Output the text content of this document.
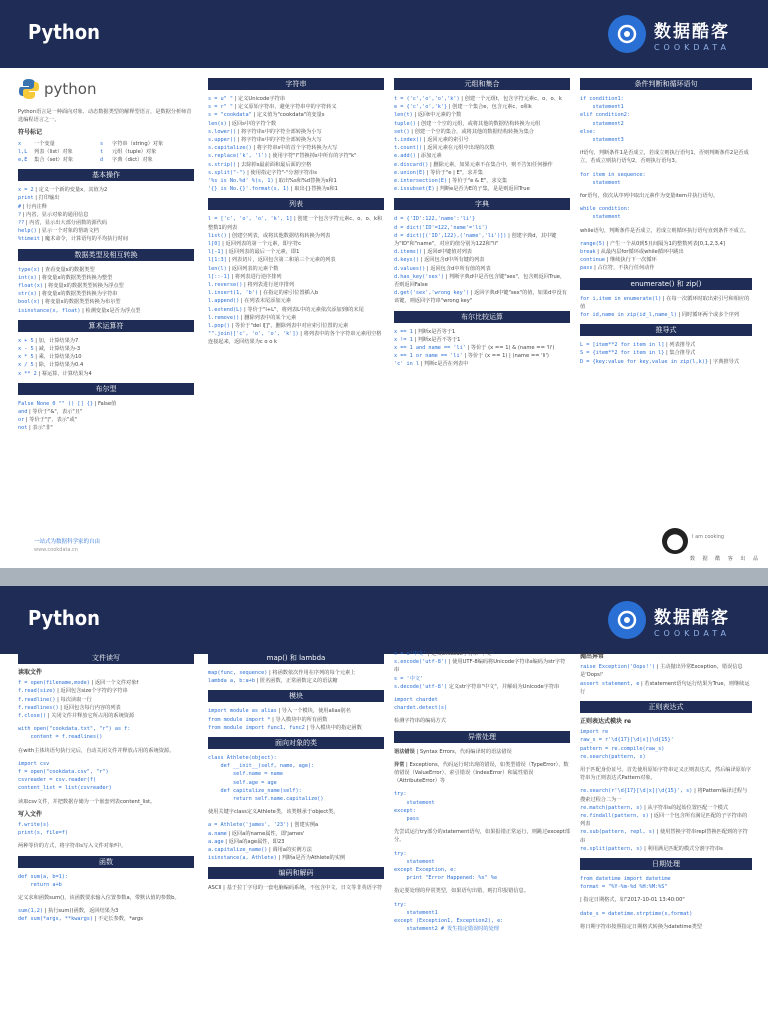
Python	数据酷客
COOKDATA
python
Python语言是一种面向对象、动态数据类型的解释型语言，是数据分析师首选编程语言之一。
符号标记
x	一个变量	s	字符串（string）对象
l,L	列表（list）对象	t	元组（tuple）对象
e,E	集合（set）对象	d	字典（dict）对象
基本操作
x = 2 | 定义一个新的变量x，其值为2
print | 打印输出
# | 行内注释
? | 内省，显示对象的通用信息
?? | 内省，显示出大部分函数的源代码
help() | 显示一个对象的帮助文档
%timeit | 魔术命令，计算语句的平均执行时间
数据类型及相互转换
type(x) | 查看变量x的数据类型
int(x) | 将变量x的数据类型转换为整型
float(x) | 将变量x的数据类型转换为浮点型
str(x) | 将变量x的数据类型转换为字符串
bool(x) | 将变量x的数据类型转换为布尔型
isinstance(x, float) | 检测变量x是否为浮点型
算术运算符
x + 5 | 加，计算结果为7
x - 5 | 减，计算结果为-3
x * 5 | 乘，计算结果为10
x / 5 | 除，计算结果为0.4
x ** 2 | 幂运算，计算结果为4
布尔型
False None 0 "" () [] {} | False值
and | 等价于"&"，表示"且"
or | 等价于"|"，表示"或"
not | 表示"非"
字符串
s = u" " | 定义Unicode字符串
s = r" " | 定义原始字符串，避免字符串中的字符转义
s = "cookdata" | 定义值为"cookdata"的变量s
len(s) | 返回s中的字符个数
s.lower() | 将字符串s中的字符全部转换为小写
s.upper() | 将字符串s中的字符全部转换为大写
s.capitalize() | 将字符串s中的首个字符转换为大写
s.replace('k', 'l') | 使用字符"l"替换掉s中所有的字符"k"
s.strip() | 去除掉s最前面和最后面的空格
s.split("-") | 使用指定字符"-"分割字符串s
'%s is No.%d' %(s, 1) | 取出%s和%d替换为s和1
'{} is No.{}'.format(s, 1) | 取出{}替换为s和1
列表
l = ['c', 'o', 'o', 'k', 1] | 创建一个包含字符元素c、o、o、k和整数1的列表
list() | 创建空列表，或将其他数据结构转换为列表
l[0] | 返回列表的第一个元素，即字符c
l[-1] | 返回列表的最后一个元素，即1
l[1:3] | 列表切片，返回包含第二和第三个元素的列表
len(l) | 返回列表的元素个数
l[::-1] | 将列表进行逆序排列
l.reverse() | 将列表进行逆序排列
l.insert(1, 'b') | 在指定的索引位置插入b
l.append() | 在列表末尾添加元素
l.extend(L) | 等价于"l+L"，将列表L中的元素依次添加到l的末尾
l.remove() | 删除列表中的某个元素
l.pop() | 等价于"del l[]"，删除列表中对应索引位置的元素
"".join(['c', 'o', 'o', 'k']) | 将列表中的各个字符串元素用空格连接起来，返回结果为c o o k
元组和集合
t = ('c','o','o','k') | 创建一个元组t，包含字符元素c、o、o、k
e = {'c','o','k'} | 创建一个集合e，包含元素c、o和k
len(t) | 返回t中元素的个数
tuple() | 创建一个空的元组，或将其他的数据结构转换为元组
set() | 创建一个空的集合，或将其他的数据结构转换为集合
t.index() | 返回元素的索引号
t.count() | 返回元素在元组中出现的次数
e.add() | 添加元素
e.discard() | 删除元素，如果元素不在集合中，则不告知任何操作
e.union(E) | 等价于"e | E"，求并集
e.intersection(E) | 等价于"e & E"，求交集
e.issubset(E) | 判断e是否为E的子集，是是则返回True
字典
d = {'ID':122,'name':'li'}
d = dict('ID'=122,'name'='li')
d = dict([('ID',122),('name','li')]) | 创建字典d，其中键为"ID"和"name"，对应的值分别为122和"li"
d.items() | 返回d中键值对列表
d.keys() | 返回包含d中所有键的列表
d.values() | 返回包含d中所有值的列表
d.has_key('sex') | 判断字典d中是否包含键"sex"，包含则返回True，否则返回False
d.get('sex','wrong key') | 返回字典d中键"sex"的值，如果d中没有该键，则返回字符串"wrong key"
布尔比较运算
x == 1 | 判断x是否等于1
x != 1 | 判断x是否不等于1
x == 1 and name == 'li' | 等价于 (x == 1) & (name == 'li')
x == 1 or name == 'li' | 等价于 (x == 1) | (name == 'li')
'c' in l | 判断c是否在列表中
条件判断和循环语句
if condition1:
statement1
elif condition2:
statement2
else:
statement3
if语句，判断条件1是否成立，若成立则执行语句1，否则判断条件2是否成立，若成立则执行语句2，否则执行语句3。
for item in sequence:
statement
for语句，依次从序列中取出元素作为变量item并执行语句。
while condition:
statement
while语句，判断条件是否成立，若成立则循环执行语句直到条件不成立。
range(5) | 产生一个从0到5且间隔为1的整数列表[0,1,2,3,4]
break | 从最内层for循环或while循环中跳出
continue | 继续执行下一次循环
pass | 占位符，不执行任何动作
enumerate() 和 zip()
for i,item in enumerate(l) | 在每一次循环时取出索引号和相应的值
for id,name in zip(id_l,name_l) | 同时循环两个或多个序列
推导式
L = [item**2 for item in l] | 列表推导式
S = {item**2 for item in l} | 集合推导式
D = {key:value for key,value in zip(l,k)} | 字典推导式
一站式为数据科学家的自由
www.cookdata.cn
I am cooking
数 据 酷 客 出 品
Python	数据酷客
COOKDATA
文件读写
读取文件
f = open(filename,mode) | 返回一个文件对象f
f.read(size) | 返回包含size个字符的字符串
f.readline() | 每次读取一行
f.readlines() | 返回包含每行内容的列表
f.close() | 关闭文件并释放它所占用的系统资源
with open("cookdata.txt", "r") as f:
content = f.readlines()
在with主体块语句执行完后，自动关闭文件并释放占用的系统资源。
import csv
f = open("cookdata.csv", "r")
csvreader = csv.reader(f)
content_list = list(csvreader)
读取csv文件，并把数据存储为一个嵌套列表content_list。
写入文件
f.write(s)
print(s, file=f)
两种等价的方式，将字符串s写入文件对象f中。
函数
def sum(a, b=1):
return a+b
定义求和函数sum()，该函数要求输入位置参数a，带默认值的参数b。
sum(1,2) | 执行sum()函数，返回结果为3
def sum(*args, **kwargs) | 不定长参数，*args
map() 和 lambda
map(func, sequence) | 将函数依次作用在序列的每个元素上
lambda a, b:a+b | 匿名函数，正常函数定义的语法糖
模块
import module as alias | 导入一个模块，使用alias别名
from module import * | 导入模块中的所有函数
from module import func1, func2 | 导入模块中的指定函数
面向对象的类
class Athlete(object):
def __init__(self, name, age):
self.name = name
self.age = age
def capitalize_name(self):
return self.name.capitalize()
使用关键字class定义Athlete类，该类继承于object类。
a = Athlete('james', '23') | 创建实例a
a.name | 返回a的name属性，即'james'
a.age | 返回a的age属性，即23
a.capitalize_name() | 调用a的实例方法
isinstance(a, Athlete) | 判断a是否为Athlete的实例
编码和解码
ASCII | 基于拉丁字母的一套电脑编码系统，不包含中文、日文等非英语字符
s = u'中文' | 定义Unicode字符串"中文"
s.encode('utf-8') | 使用UTF-8编码将Unicode字符串s编码为str字符串
s = '中文'
s.decode('utf-8') 定义str字符串"中文"，并解码为Unicode字符串
import chardet
chardet.detect(s)
检测字符串的编码方式
异常处理
语法错误 | Syntax Errors，代码编译时的语法错误
异常 | Exceptions，代码运行时出现的错误，如类型错误（TypeError）、数值错误（ValueError）、索引错误（IndexError）和属性错误（AttributeError）等
try:
statement
except:
pass
先尝试运行try部分的statement语句，如果报错正常运行，则跳过except部分。
try:
statement
except Exception, e:
print "Error Happened: %s" %e
指定要处理的异常类型，如果语句出错，则打印报错信息。
try:
statement1
except (Exception1, Exception2), e:
statement2 # 发生指定错误时的处理
抛出异常
raise Exception('Oops!') | 主动抛出异常Exception，错误信息是'Oops!'
assert statement, e | 若statement语句运行结果为True，则继续运行
正则表达式
正则表达式模块 re
import re
raw_s = r'\d{17}[\d|x]|\d{15}'
pattern = re.compile(raw_s)
re.search(pattern, s)
用于匹配身份证号。首先使用原始字符串定义正则表达式，然后编译原始字符串为正则表达式Pattern对象。
re.search(r'\d{17}[\d|x]|\d{15}', s) | 将Pattern编译过程与搜索过程合二为一
re.match(pattern, s) | 从字符串s的起始位置匹配一个模式
re.findall(pattern, s) | 返回一个包含所有满足匹配的子字符串的列表
re.sub(pattern, repl, s) | 使用替换字符串repl替换匹配到的字符串
re.split(pattern, s) | 利用满足匹配的模式分割字符串s
日期处理
from datetime import datetime
format = "%Y-%m-%d %H:%M:%S"
| 指定日期格式，如"2017-10-01 13:40:00"
date_s = datetime.strptime(s,format)
将日期字符串按照指定日期格式转换为datetime类型
